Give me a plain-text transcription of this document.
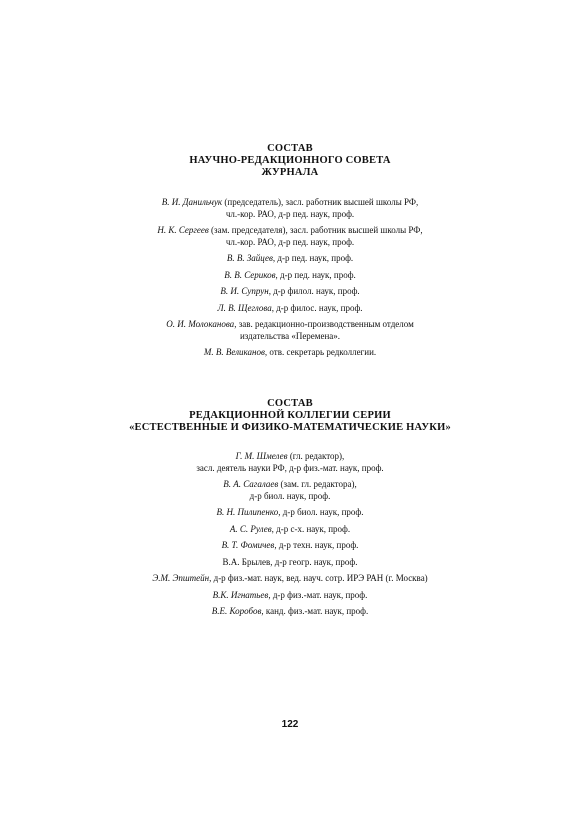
СОСТАВ
НАУЧНО-РЕДАКЦИОННОГО СОВЕТА
ЖУРНАЛА
В. И. Данильчук (председатель), засл. работник высшей школы РФ,
чл.-кор. РАО, д-р пед. наук, проф.
Н. К. Сергеев (зам. председателя), засл. работник высшей школы РФ,
чл.-кор. РАО, д-р пед. наук, проф.
В. В. Зайцев, д-р пед. наук, проф.
В. В. Сериков, д-р пед. наук, проф.
В. И. Супрун, д-р филол. наук, проф.
Л. В. Щеглова, д-р филос. наук, проф.
О. И. Молоканова, зав. редакционно-производственным отделом
издательства «Перемена».
М. В. Великанов, отв. секретарь редколлегии.
СОСТАВ
РЕДАКЦИОННОЙ КОЛЛЕГИИ СЕРИИ
«ЕСТЕСТВЕННЫЕ И ФИЗИКО-МАТЕМАТИЧЕСКИЕ НАУКИ»
Г. М. Шмелев (гл. редактор),
засл. деятель науки РФ, д-р физ.-мат. наук, проф.
В. А. Сагалаев (зам. гл. редактора),
д-р биол. наук, проф.
В. Н. Пилипенко, д-р биол. наук, проф.
А. С. Рулев, д-р с-х. наук, проф.
В. Т. Фомичев, д-р техн. наук, проф.
В.А. Брылев, д-р геогр. наук, проф.
Э.М. Эпштейн, д-р физ.-мат. наук, вед. науч. сотр. ИРЭ РАН (г. Москва)
В.К. Игнатьев, д-р физ.-мат. наук, проф.
В.Е. Коробов, канд. физ.-мат. наук, проф.
122
